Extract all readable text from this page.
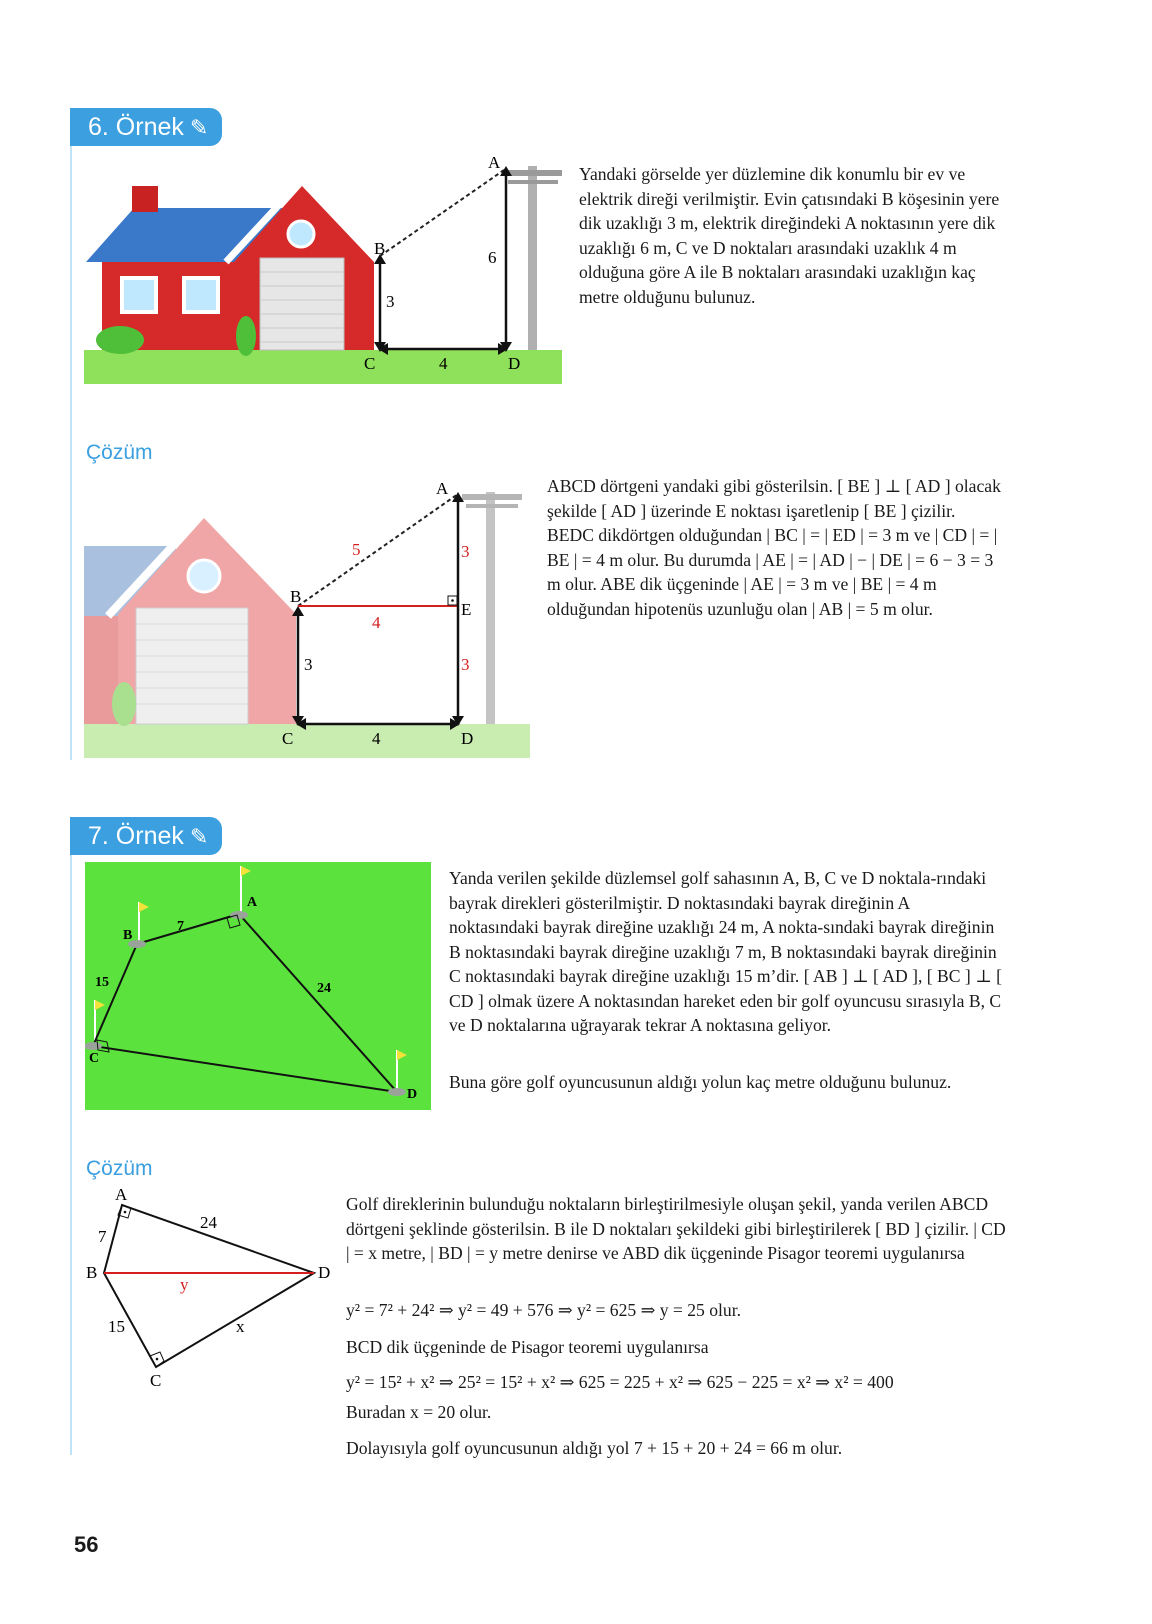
6. Örnek ✎
A
B
C	D
3
6
4

Yandaki görselde yer düzlemine dik konumlu bir ev ve elektrik direği verilmiştir. Evin çatısındaki B köşesinin yere dik uzaklığı 3 m, elektrik direğindeki A noktasının yere dik uzaklığı 6 m, C ve D noktaları arasındaki uzaklık 4 m olduğuna göre A ile B noktaları arasındaki uzaklığın kaç metre olduğunu bulunuz.

Çözüm
A
B
C	D
E
5	3
4
3
3
4

ABCD dörtgeni yandaki gibi gösterilsin. [ BE ] ⊥ [ AD ] olacak şekilde [ AD ] üzerinde E noktası işaretlenip [ BE ] çizilir. BEDC dikdörtgen olduğundan | BC | = | ED | = 3 m ve | CD | = | BE | = 4 m olur. Bu durumda | AE | = | AD | − | DE | = 6 − 3 = 3 m olur. ABE dik üçgeninde | AE | = 3 m ve | BE | = 4 m olduğundan hipotenüs uzunluğu olan | AB | = 5 m olur.

7. Örnek ✎
A
B
C
D
7
15	24

Yanda verilen şekilde düzlemsel golf sahasının A, B, C ve D noktala-rındaki bayrak direkleri gösterilmiştir. D noktasındaki bayrak direğinin A noktasındaki bayrak direğine uzaklığı 24 m, A nokta-sındaki bayrak direğinin B noktasındaki bayrak direğine uzaklığı 7 m, B noktasındaki bayrak direğinin C noktasındaki bayrak direğine uzaklığı 15 m’dir. [ AB ] ⊥ [ AD ], [ BC ] ⊥ [ CD ] olmak üzere A noktasından hareket eden bir golf oyuncusu sırasıyla B, C ve D noktalarına uğrayarak tekrar A noktasına geliyor.

Buna göre golf oyuncusunun aldığı yolun kaç metre olduğunu bulunuz.

Çözüm
A
B
C
D
7
24
15	x
y

Golf direklerinin bulunduğu noktaların birleştirilmesiyle oluşan şekil, yanda verilen ABCD dörtgeni şeklinde gösterilsin. B ile D noktaları şekildeki gibi birleştirilerek [ BD ] çizilir. | CD | = x metre, | BD | = y metre denirse ve ABD dik üçgeninde Pisagor teoremi uygulanırsa

y² = 7² + 24² ⇒ y² = 49 + 576 ⇒ y² = 625 ⇒ y = 25 olur.
BCD dik üçgeninde de Pisagor teoremi uygulanırsa
y² = 15² + x² ⇒ 25² = 15² + x² ⇒ 625 = 225 + x² ⇒ 625 − 225 = x² ⇒ x² = 400
Buradan x = 20 olur.
Dolayısıyla golf oyuncusunun aldığı yol 7 + 15 + 20 + 24 = 66 m olur.
56
